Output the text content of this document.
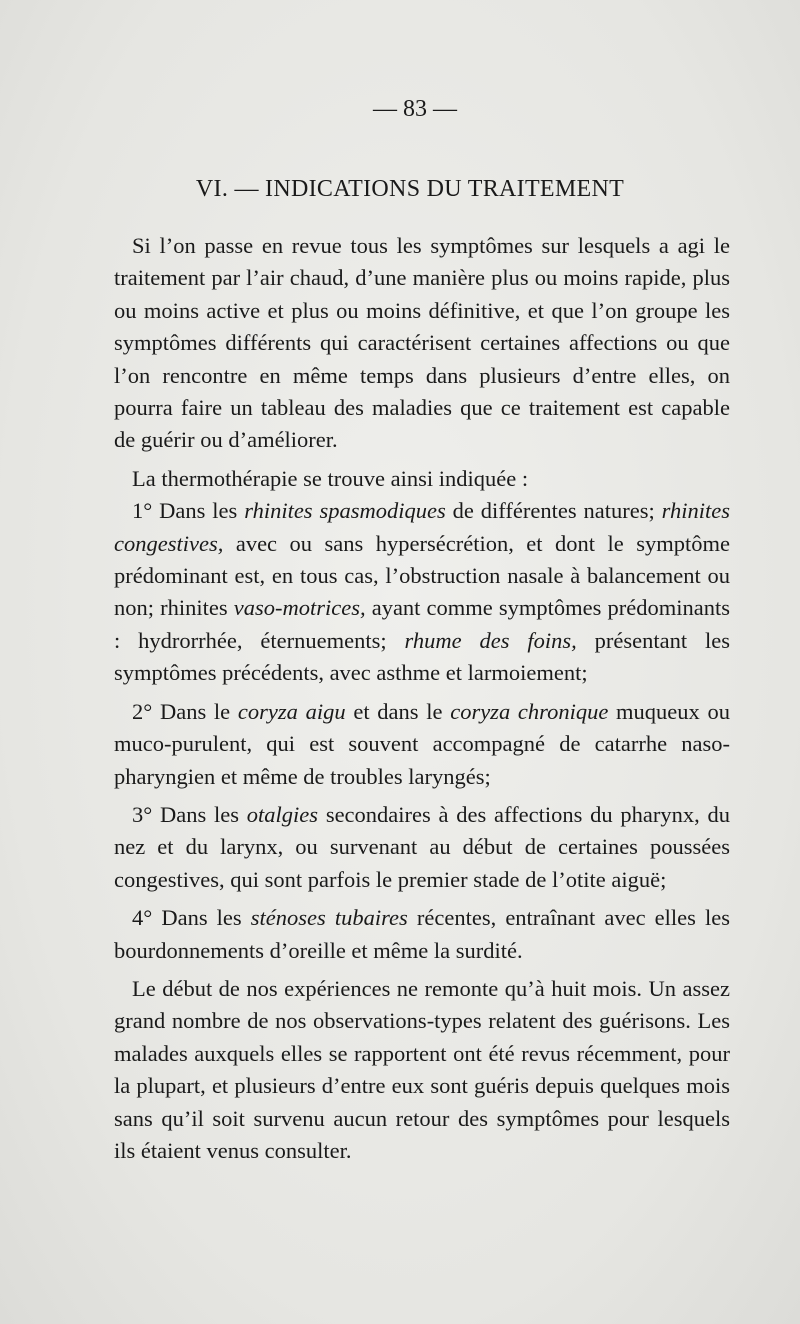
— 83 —
VI. — INDICATIONS DU TRAITEMENT

Si l’on passe en revue tous les symptômes sur lesquels a agi le traitement par l’air chaud, d’une manière plus ou moins rapide, plus ou moins active et plus ou moins définitive, et que l’on groupe les symptômes différents qui caractérisent certaines affections ou que l’on rencontre en même temps dans plusieurs d’entre elles, on pourra faire un tableau des maladies que ce traitement est capable de guérir ou d’améliorer.

La thermothérapie se trouve ainsi indiquée :

1° Dans les rhinites spasmodiques de différentes natures; rhinites congestives, avec ou sans hypersécrétion, et dont le symptôme prédominant est, en tous cas, l’obstruction nasale à balancement ou non; rhinites vaso-motrices, ayant comme symptômes prédominants : hydrorrhée, éternuements; rhume des foins, présentant les symptômes précédents, avec asthme et larmoiement;

2° Dans le coryza aigu et dans le coryza chronique muqueux ou muco-purulent, qui est souvent accompagné de catarrhe naso-pharyngien et même de troubles laryngés;

3° Dans les otalgies secondaires à des affections du pharynx, du nez et du larynx, ou survenant au début de certaines poussées congestives, qui sont parfois le premier stade de l’otite aiguë;

4° Dans les sténoses tubaires récentes, entraînant avec elles les bourdonnements d’oreille et même la surdité.

Le début de nos expériences ne remonte qu’à huit mois. Un assez grand nombre de nos observations-types relatent des guérisons. Les malades auxquels elles se rapportent ont été revus récemment, pour la plupart, et plusieurs d’entre eux sont guéris depuis quelques mois sans qu’il soit survenu aucun retour des symptômes pour lesquels ils étaient venus consulter.
